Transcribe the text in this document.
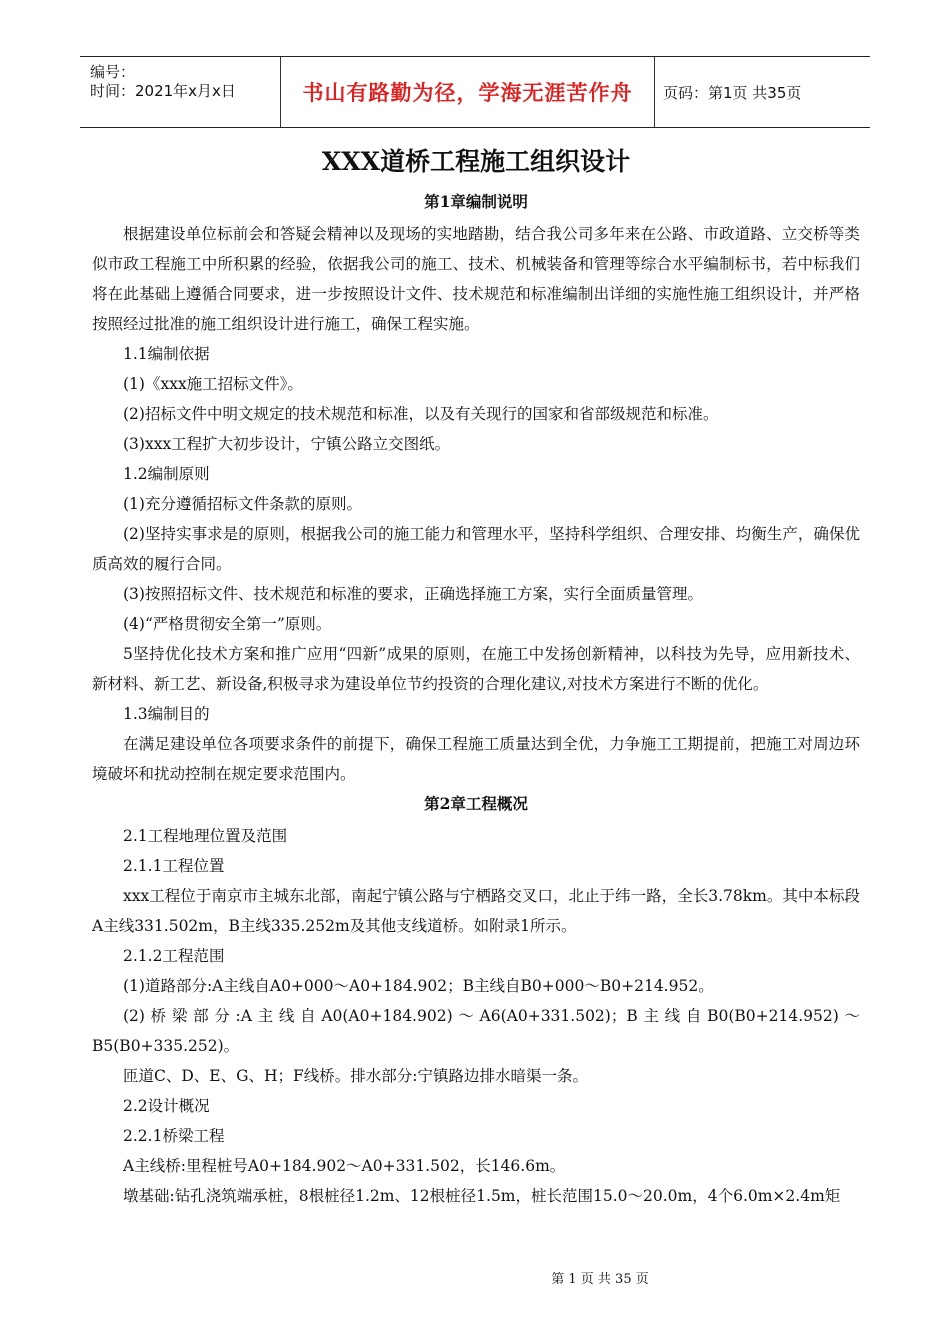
编号：
时间：2021年x月x日	书山有路勤为径，学海无涯苦作舟 页码：第1页 共35页
XXX道桥工程施工组织设计
第1章编制说明

根据建设单位标前会和答疑会精神以及现场的实地踏勘，结合我公司多年来在公路、市政道路、立交桥等类似市政工程施工中所积累的经验，依据我公司的施工、技术、机械装备和管理等综合水平编制标书，若中标我们将在此基础上遵循合同要求，进一步按照设计文件、技术规范和标准编制出详细的实施性施工组织设计，并严格按照经过批准的施工组织设计进行施工，确保工程实施。

1.1编制依据

(1)《xxx施工招标文件》。

(2)招标文件中明文规定的技术规范和标准，以及有关现行的国家和省部级规范和标准。

(3)xxx工程扩大初步设计，宁镇公路立交图纸。

1.2编制原则

(1)充分遵循招标文件条款的原则。

(2)坚持实事求是的原则，根据我公司的施工能力和管理水平，坚持科学组织、合理安排、均衡生产，确保优质高效的履行合同。

(3)按照招标文件、技术规范和标准的要求，正确选择施工方案，实行全面质量管理。

(4)“严格贯彻安全第一”原则。

5坚持优化技术方案和推广应用“四新”成果的原则，在施工中发扬创新精神，以科技为先导，应用新技术、新材料、新工艺、新设备,积极寻求为建设单位节约投资的合理化建议,对技术方案进行不断的优化。

1.3编制目的

在满足建设单位各项要求条件的前提下，确保工程施工质量达到全优，力争施工工期提前，把施工对周边环境破坏和扰动控制在规定要求范围内。

第2章工程概况

2.1工程地理位置及范围

2.1.1工程位置

xxx工程位于南京市主城东北部，南起宁镇公路与宁栖路交叉口，北止于纬一路，全长3.78km。其中本标段A主线331.502m，B主线335.252m及其他支线道桥。如附录1所示。

2.1.2工程范围

(1)道路部分:A主线自A0+000～A0+184.902；B主线自B0+000～B0+214.952。

(2)桥梁部分:A主线自A0(A0+184.902)～A6(A0+331.502)；B主线自B0(B0+214.952)～B5(B0+335.252)。

匝道C、D、E、G、H；F线桥。排水部分:宁镇路边排水暗渠一条。

2.2设计概况

2.2.1桥梁工程

A主线桥:里程桩号A0+184.902～A0+331.502，长146.6m。

墩基础:钻孔浇筑端承桩，8根桩径1.2m、12根桩径1.5m，桩长范围15.0～20.0m，4个6.0m×2.4m矩

第 1 页 共 35 页
